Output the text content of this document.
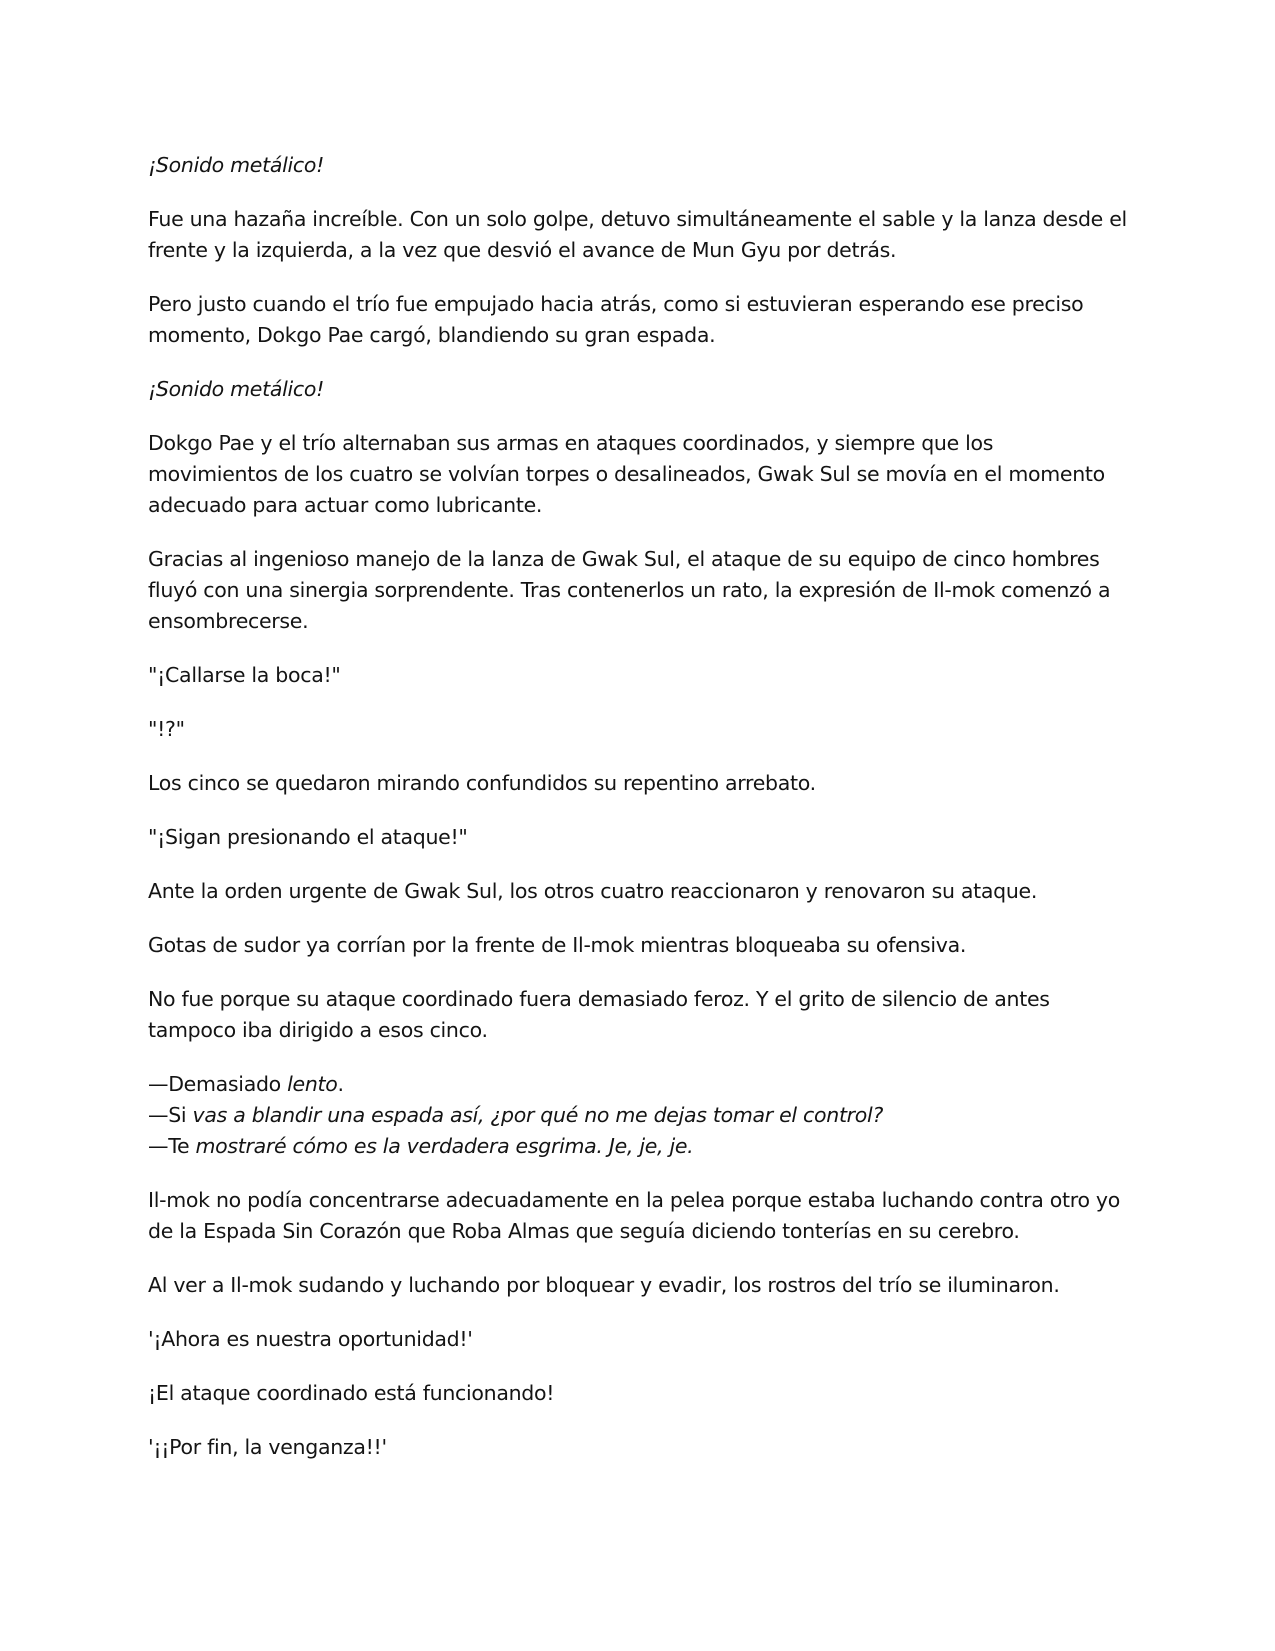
¡Sonido metálico!

Fue una hazaña increíble. Con un solo golpe, detuvo simultáneamente el sable y la lanza desde el frente y la izquierda, a la vez que desvió el avance de Mun Gyu por detrás.

Pero justo cuando el trío fue empujado hacia atrás, como si estuvieran esperando ese preciso momento, Dokgo Pae cargó, blandiendo su gran espada.

¡Sonido metálico!

Dokgo Pae y el trío alternaban sus armas en ataques coordinados, y siempre que los movimientos de los cuatro se volvían torpes o desalineados, Gwak Sul se movía en el momento adecuado para actuar como lubricante.

Gracias al ingenioso manejo de la lanza de Gwak Sul, el ataque de su equipo de cinco hombres fluyó con una sinergia sorprendente. Tras contenerlos un rato, la expresión de Il-mok comenzó a ensombrecerse.

"¡Callarse la boca!"

"!?"

Los cinco se quedaron mirando confundidos su repentino arrebato.

"¡Sigan presionando el ataque!"

Ante la orden urgente de Gwak Sul, los otros cuatro reaccionaron y renovaron su ataque.

Gotas de sudor ya corrían por la frente de Il-mok mientras bloqueaba su ofensiva.

No fue porque su ataque coordinado fuera demasiado feroz. Y el grito de silencio de antes tampoco iba dirigido a esos cinco.

—Demasiado lento.
—Si vas a blandir una espada así, ¿por qué no me dejas tomar el control?
—Te mostraré cómo es la verdadera esgrima. Je, je, je.

Il-mok no podía concentrarse adecuadamente en la pelea porque estaba luchando contra otro yo de la Espada Sin Corazón que Roba Almas que seguía diciendo tonterías en su cerebro.

Al ver a Il-mok sudando y luchando por bloquear y evadir, los rostros del trío se iluminaron.

'¡Ahora es nuestra oportunidad!'

¡El ataque coordinado está funcionando!

'¡¡Por fin, la venganza!!'
